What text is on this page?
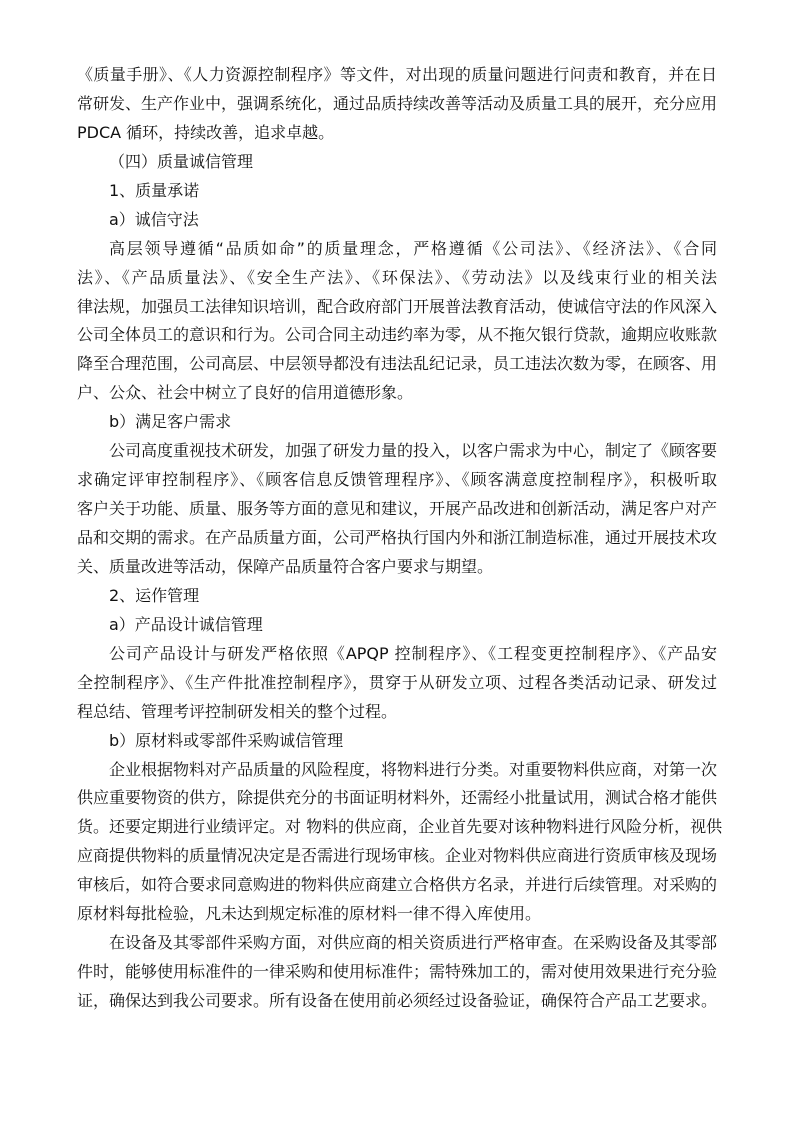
《质量手册》、《人力资源控制程序》等文件，对出现的质量问题进行问责和教育，并在日
常研发、生产作业中，强调系统化，通过品质持续改善等活动及质量工具的展开，充分应用
PDCA 循环，持续改善，追求卓越。
（四）质量诚信管理
1、质量承诺
a）诚信守法
高层领导遵循“品质如命”的质量理念，严格遵循《公司法》、《经济法》、《合同
法》、《产品质量法》、《安全生产法》、《环保法》、《劳动法》以及线束行业的相关法
律法规，加强员工法律知识培训，配合政府部门开展普法教育活动，使诚信守法的作风深入
公司全体员工的意识和行为。公司合同主动违约率为零，从不拖欠银行贷款，逾期应收账款
降至合理范围，公司高层、中层领导都没有违法乱纪记录，员工违法次数为零，在顾客、用
户、公众、社会中树立了良好的信用道德形象。
b）满足客户需求
公司高度重视技术研发，加强了研发力量的投入，以客户需求为中心，制定了《顾客要
求确定评审控制程序》、《顾客信息反馈管理程序》、《顾客满意度控制程序》，积极听取
客户关于功能、质量、服务等方面的意见和建议，开展产品改进和创新活动，满足客户对产
品和交期的需求。在产品质量方面，公司严格执行国内外和浙江制造标准，通过开展技术攻
关、质量改进等活动，保障产品质量符合客户要求与期望。
2、运作管理
a）产品设计诚信管理
公司产品设计与研发严格依照《APQP 控制程序》、《工程变更控制程序》、《产品安
全控制程序》、《生产件批准控制程序》，贯穿于从研发立项、过程各类活动记录、研发过
程总结、管理考评控制研发相关的整个过程。
b）原材料或零部件采购诚信管理
企业根据物料对产品质量的风险程度，将物料进行分类。对重要物料供应商，对第一次
供应重要物资的供方，除提供充分的书面证明材料外，还需经小批量试用，测试合格才能供
货。还要定期进行业绩评定。对 物料的供应商，企业首先要对该种物料进行风险分析，视供
应商提供物料的质量情况决定是否需进行现场审核。企业对物料供应商进行资质审核及现场
审核后，如符合要求同意购进的物料供应商建立合格供方名录，并进行后续管理。对采购的
原材料每批检验，凡未达到规定标准的原材料一律不得入库使用。
在设备及其零部件采购方面，对供应商的相关资质进行严格审查。在采购设备及其零部
件时，能够使用标准件的一律采购和使用标准件；需特殊加工的，需对使用效果进行充分验
证，确保达到我公司要求。所有设备在使用前必须经过设备验证，确保符合产品工艺要求。
